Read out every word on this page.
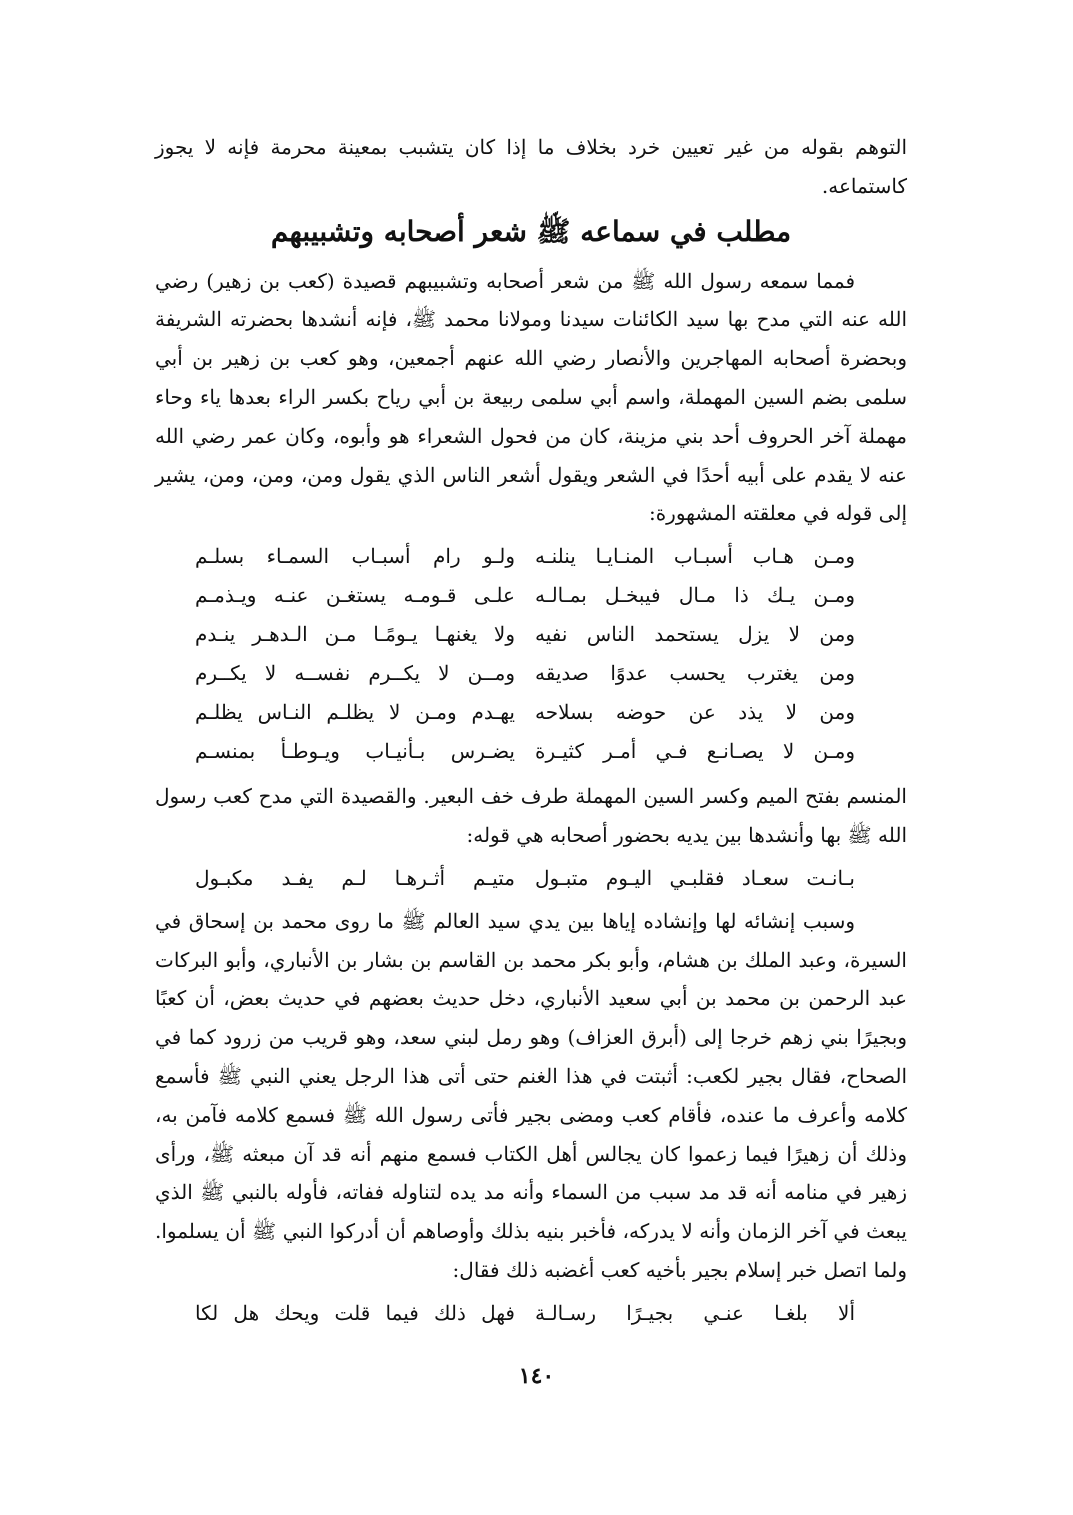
التوهم بقوله من غير تعيين خرد بخلاف ما إذا كان يتشبب بمعينة محرمة فإنه لا يجوز كاستماعه.

مطلب في سماعه ﷺ شعر أصحابه وتشبيبهم

فمما سمعه رسول الله ﷺ من شعر أصحابه وتشبيبهم قصيدة (كعب بن زهير) رضي الله عنه التي مدح بها سيد الكائنات سيدنا ومولانا محمد ﷺ، فإنه أنشدها بحضرته الشريفة وبحضرة أصحابه المهاجرين والأنصار رضي الله عنهم أجمعين، وهو كعب بن زهير بن أبي سلمى بضم السين المهملة، واسم أبي سلمى ربيعة بن أبي رياح بكسر الراء بعدها ياء وحاء مهملة آخر الحروف أحد بني مزينة، كان من فحول الشعراء هو وأبوه، وكان عمر رضي الله عنه لا يقدم على أبيه أحدًا في الشعر ويقول أشعر الناس الذي يقول ومن، ومن، ومن، يشير إلى قوله في معلقته المشهورة:

ومـن هـاب أسبـاب المنـايـا ينلنـه
ولـو رام أسبـاب السمـاء بسلـم
ومـن يـك ذا مـال فيبخـل بمـالـه
علـى قـومـه يستغـن عنـه ويـذمـم
ومن لا يزل يستحمد الناس نفيه
ولا يغنهـا يـومًـا مـن الـدهـر ينـدم
ومن يغترب يحسب عدوًا صديقه
ومــن لا يكــرم نفســه لا يكــرم
ومن لا يذد عن حوضه بسلاحه
يهـدم ومـن لا يظلـم النـاس يظلـم
ومـن لا يصـانـع فـي أمـر كثيـرة
يضـرس بـأنيـاب ويـوطـأ بمنسـم

المنسم بفتح الميم وكسر السين المهملة طرف خف البعير. والقصيدة التي مدح كعب رسول الله ﷺ بها وأنشدها بين يديه بحضور أصحابه هي قوله:

بـانـت سعـاد فقلبـي اليـوم متبـول
متيـم أثـرهـا لـم يفـد مكبـول

وسبب إنشائه لها وإنشاده إياها بين يدي سيد العالم ﷺ ما روى محمد بن إسحاق في السيرة، وعبد الملك بن هشام، وأبو بكر محمد بن القاسم بن بشار بن الأنباري، وأبو البركات عبد الرحمن بن محمد بن أبي سعيد الأنباري، دخل حديث بعضهم في حديث بعض، أن كعبًا وبجيرًا بني زهم خرجا إلى (أبرق العزاف) وهو رمل لبني سعد، وهو قريب من زرود كما في الصحاح، فقال بجير لكعب: أثبتت في هذا الغنم حتى أتى هذا الرجل يعني النبي ﷺ فأسمع كلامه وأعرف ما عنده، فأقام كعب ومضى بجير فأتى رسول الله ﷺ فسمع كلامه فآمن به، وذلك أن زهيرًا فيما زعموا كان يجالس أهل الكتاب فسمع منهم أنه قد آن مبعثه ﷺ، ورأى زهير في منامه أنه قد مد سبب من السماء وأنه مد يده لتناوله ففاته، فأوله بالنبي ﷺ الذي يبعث في آخر الزمان وأنه لا يدركه، فأخبر بنيه بذلك وأوصاهم أن أدركوا النبي ﷺ أن يسلموا. ولما اتصل خبر إسلام بجير بأخيه كعب أغضبه ذلك فقال:

ألا بلغـا عنـي بجيـرًا رسـالـة
فهل ذلك فيما قلت ويحك هل لكا
١٤٠
